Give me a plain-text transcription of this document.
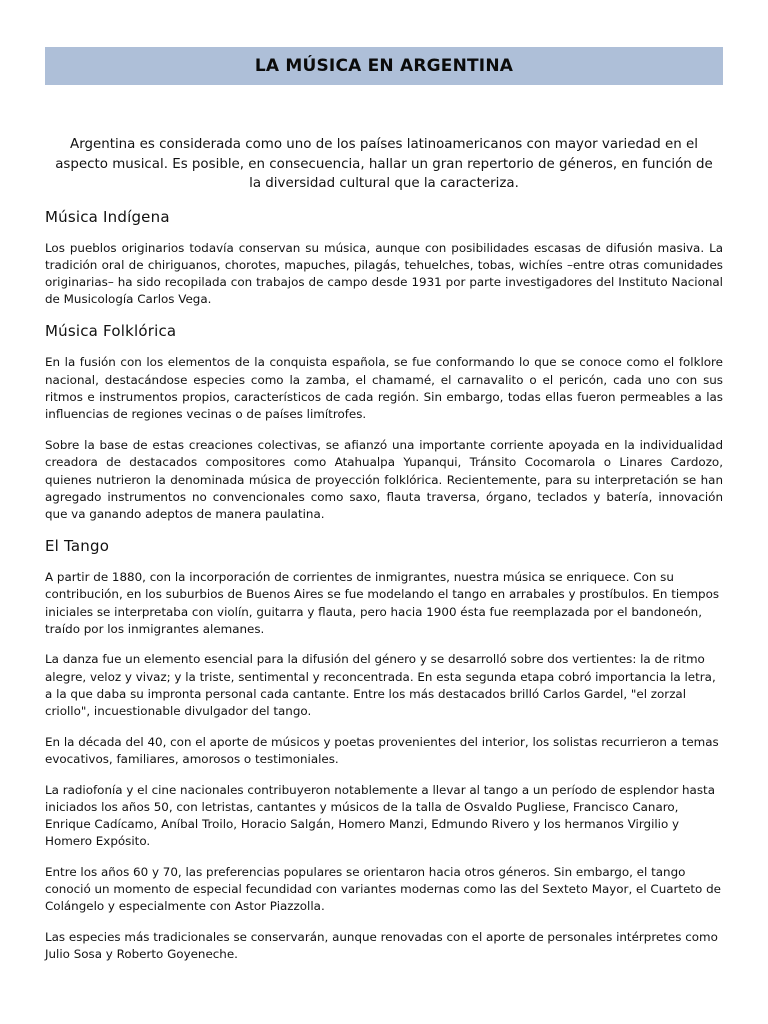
LA MÚSICA EN ARGENTINA

Argentina es considerada como uno de los países latinoamericanos con mayor variedad en el aspecto musical. Es posible, en consecuencia, hallar un gran repertorio de géneros, en función de la diversidad cultural que la caracteriza.

Música Indígena

Los pueblos originarios todavía conservan su música, aunque con posibilidades escasas de difusión masiva. La tradición oral de chiriguanos, chorotes, mapuches, pilagás, tehuelches, tobas, wichíes –entre otras comunidades originarias– ha sido recopilada con trabajos de campo desde 1931 por parte investigadores del Instituto Nacional de Musicología Carlos Vega.

Música Folklórica

En la fusión con los elementos de la conquista española, se fue conformando lo que se conoce como el folklore nacional, destacándose especies como la zamba, el chamamé, el carnavalito o el pericón, cada uno con sus ritmos e instrumentos propios, característicos de cada región. Sin embargo, todas ellas fueron permeables a las influencias de regiones vecinas o de países limítrofes.

Sobre la base de estas creaciones colectivas, se afianzó una importante corriente apoyada en la individualidad creadora de destacados compositores como Atahualpa Yupanqui, Tránsito Cocomarola o Linares Cardozo, quienes nutrieron la denominada música de proyección folklórica. Recientemente, para su interpretación se han agregado instrumentos no convencionales como saxo, flauta traversa, órgano, teclados y batería, innovación que va ganando adeptos de manera paulatina.

El Tango

A partir de 1880, con la incorporación de corrientes de inmigrantes, nuestra música se enriquece. Con su contribución, en los suburbios de Buenos Aires se fue modelando el tango en arrabales y prostíbulos. En tiempos iniciales se interpretaba con violín, guitarra y flauta, pero hacia 1900 ésta fue reemplazada por el bandoneón, traído por los inmigrantes alemanes.

La danza fue un elemento esencial para la difusión del género y se desarrolló sobre dos vertientes: la de ritmo alegre, veloz y vivaz; y la triste, sentimental y reconcentrada. En esta segunda etapa cobró importancia la letra, a la que daba su impronta personal cada cantante. Entre los más destacados brilló Carlos Gardel, "el zorzal criollo", incuestionable divulgador del tango.

En la década del 40, con el aporte de músicos y poetas provenientes del interior, los solistas recurrieron a temas evocativos, familiares, amorosos o testimoniales.

La radiofonía y el cine nacionales contribuyeron notablemente a llevar al tango a un período de esplendor hasta iniciados los años 50, con letristas, cantantes y músicos de la talla de Osvaldo Pugliese, Francisco Canaro, Enrique Cadícamo, Aníbal Troilo, Horacio Salgán, Homero Manzi, Edmundo Rivero y los hermanos Virgilio y Homero Expósito.

Entre los años 60 y 70, las preferencias populares se orientaron hacia otros géneros. Sin embargo, el tango conoció un momento de especial fecundidad con variantes modernas como las del Sexteto Mayor, el Cuarteto de Colángelo y especialmente con Astor Piazzolla.

Las especies más tradicionales se conservarán, aunque renovadas con el aporte de personales intérpretes como Julio Sosa y Roberto Goyeneche.
